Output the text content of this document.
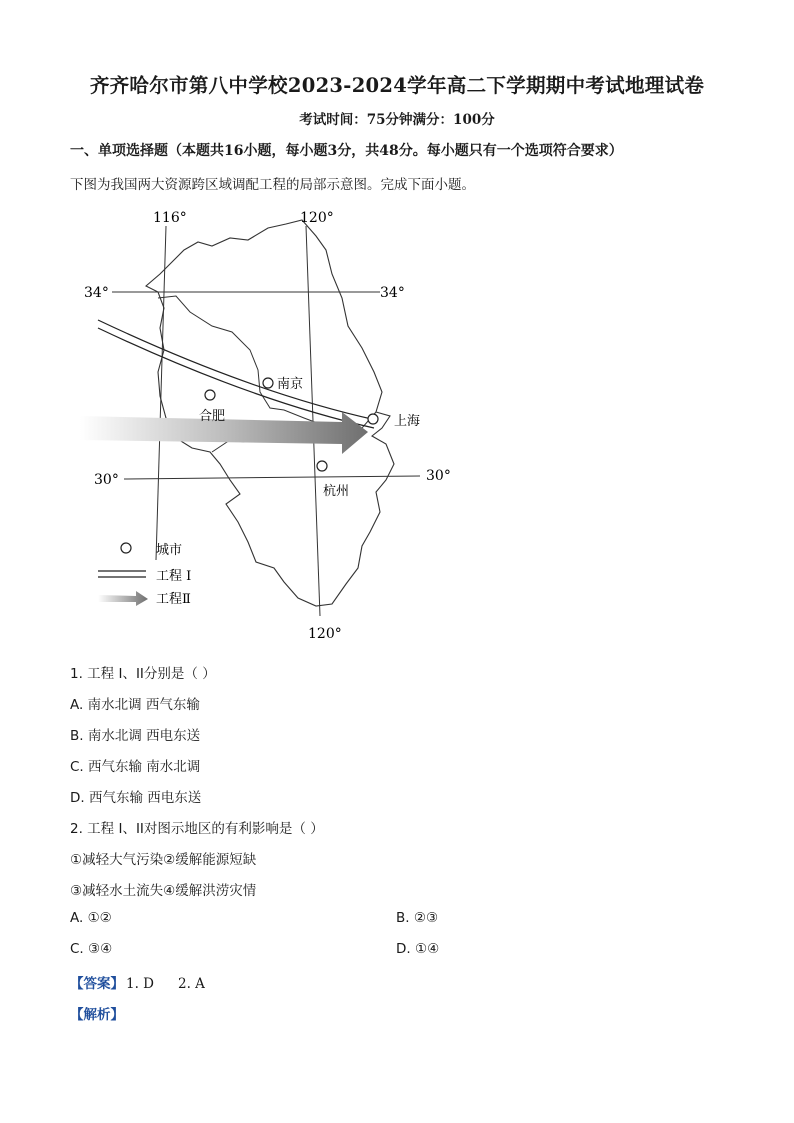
齐齐哈尔市第八中学校2023-2024学年高二下学期期中考试地理试卷
考试时间：75分钟满分：100分
一、单项选择题（本题共16小题，每小题3分，共48分。每小题只有一个选项符合要求）
下图为我国两大资源跨区域调配工程的局部示意图。完成下面小题。
南京
合肥	上海
杭州
116°	120°
34°	34°
30°	30°
120°
城市
工程 I
工程Ⅱ
1. 工程 I、II分别是（ ）
A. 南水北调 西气东输
B. 南水北调 西电东送
C. 西气东输 南水北调
D. 西气东输 西电东送
2. 工程 I、II对图示地区的有利影响是（ ）
①减轻大气污染②缓解能源短缺
③减轻水土流失④缓解洪涝灾情
A. ①②	B. ②③
C. ③④	D. ①④
【答案】 1. D 2. A
【解析】
